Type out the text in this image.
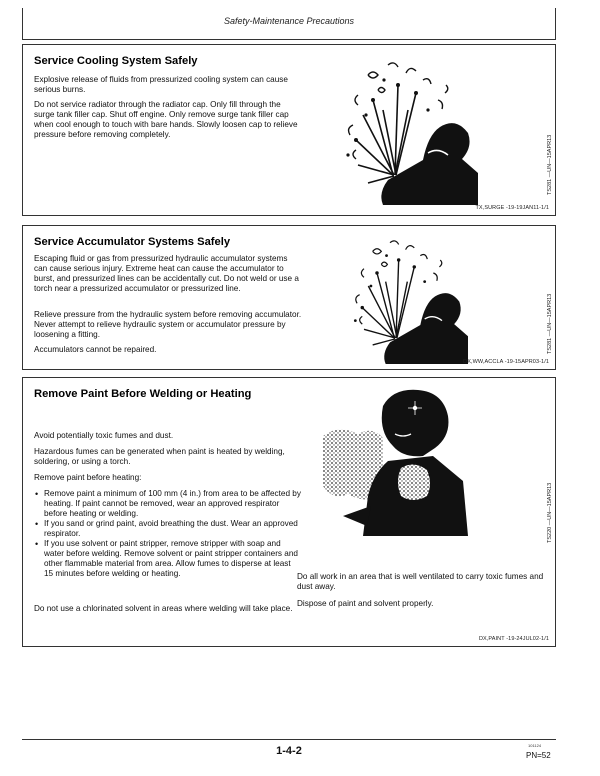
Safety-Maintenance Precautions
Service Cooling System Safely
Explosive release of fluids from pressurized cooling system can cause serious burns.
Do not service radiator through the radiator cap. Only fill through the surge tank filler cap. Shut off engine. Only remove surge tank filler cap when cool enough to touch with bare hands. Slowly loosen cap to relieve pressure before removing completely.
TS281 —UN—15APR13
TX,SURGE -19-19JAN11-1/1
Service Accumulator Systems Safely
Escaping fluid or gas from pressurized hydraulic accumulator systems can cause serious injury. Extreme heat can cause the accumulator to burst, and pressurized lines can be accidentally cut. Do not weld or use a torch near a pressurized accumulator or pressurized line.
Relieve pressure from the hydraulic system before removing accumulator. Never attempt to relieve hydraulic system or accumulator pressure by loosening a fitting.
Accumulators cannot be repaired.	TS281 —UN—15APR13
DX,WW,ACCLA -19-15APR03-1/1
Remove Paint Before Welding or Heating
Avoid potentially toxic fumes and dust.
Hazardous fumes can be generated when paint is heated by welding, soldering, or using a torch.
Remove paint before heating:
• Remove paint a minimum of 100 mm (4 in.) from area to be affected by heating. If paint cannot be removed, wear an approved respirator before heating or welding.
• If you sand or grind paint, avoid breathing the dust. Wear an approved respirator.
• If you use solvent or paint stripper, remove stripper with soap and water before welding. Remove solvent or paint stripper containers and other flammable material from area. Allow fumes to disperse at least 15 minutes before welding or heating.
Do not use a chlorinated solvent in areas where welding will take place.
Do all work in an area that is well ventilated to carry toxic fumes and dust away.
Dispose of paint and solvent properly.
TS220 —UN—15APR13
DX,PAINT -19-24JUL02-1/1
1-4-2	101124
PN=52
